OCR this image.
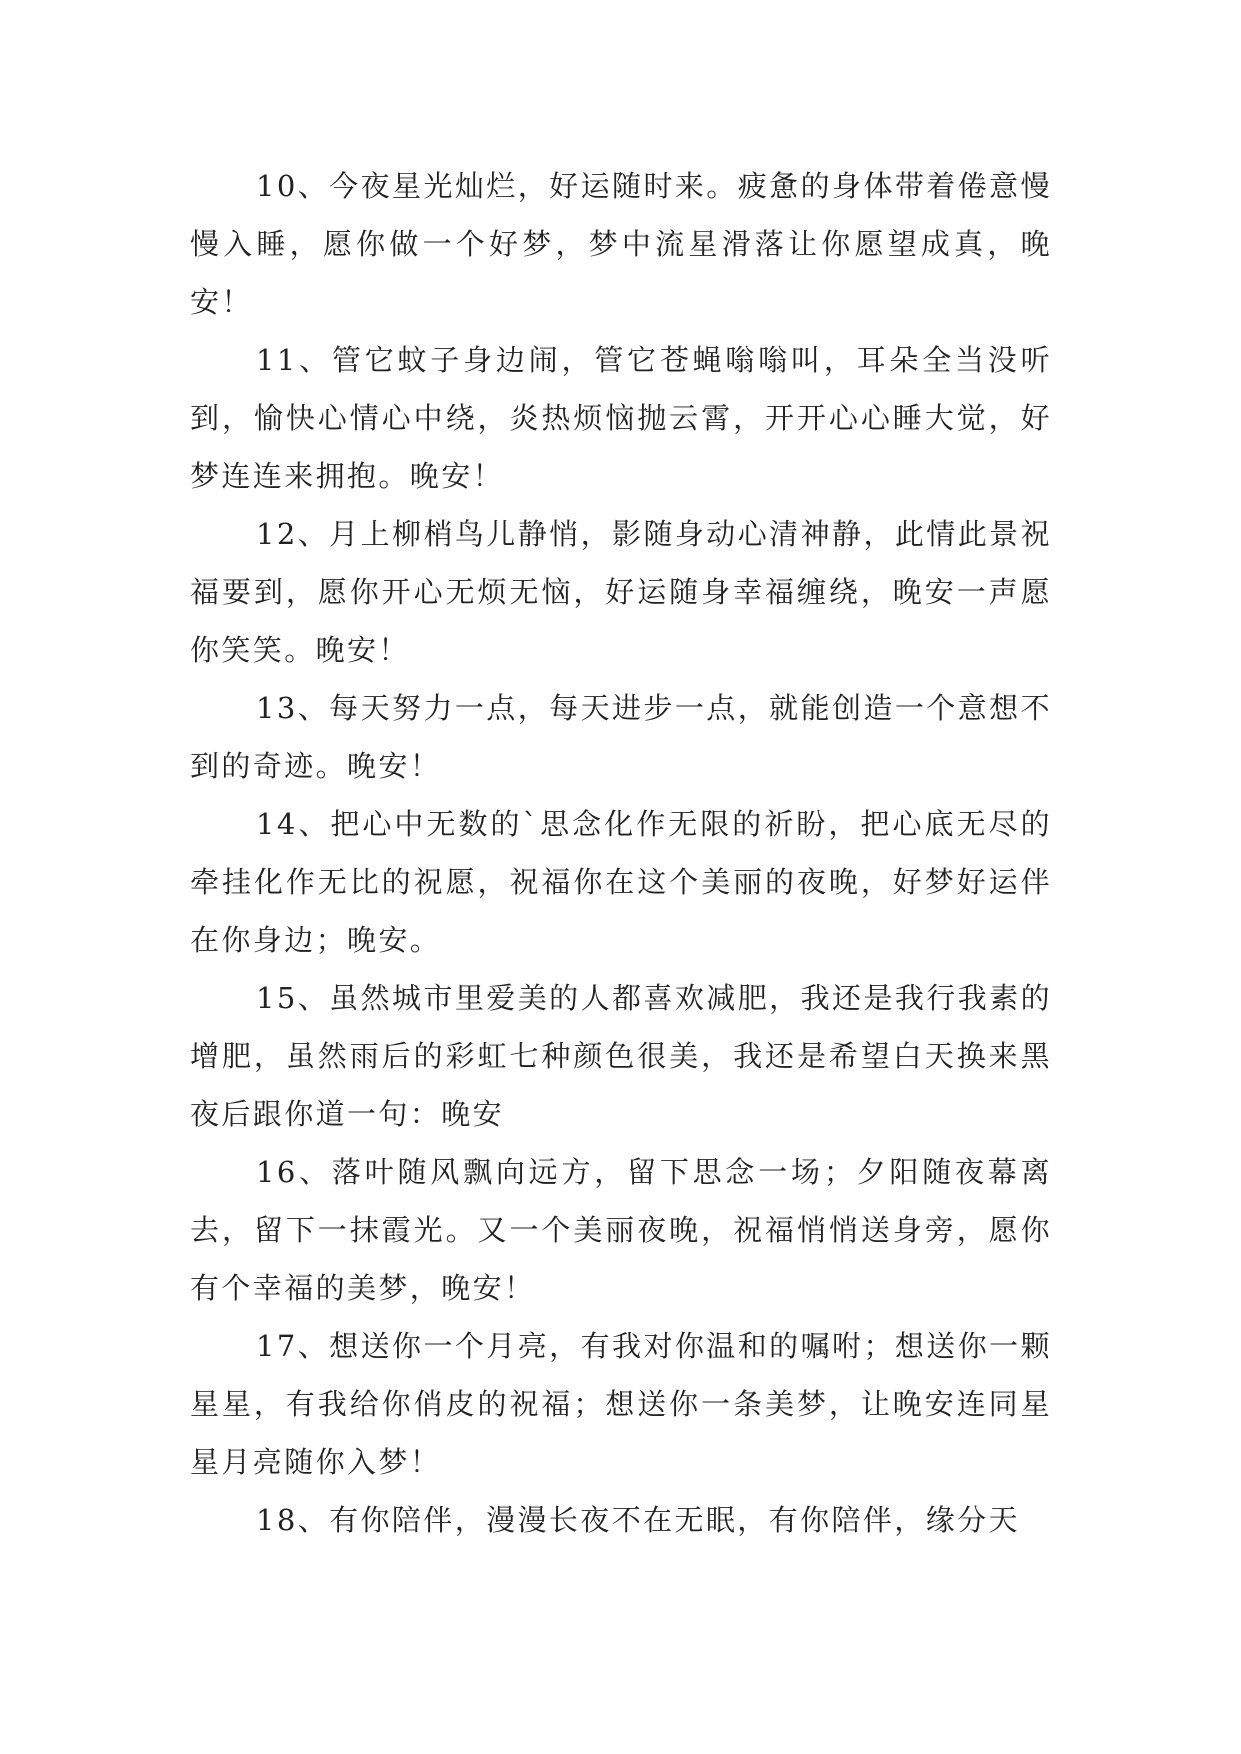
10、今夜星光灿烂，好运随时来。疲惫的身体带着倦意慢慢入睡，愿你做一个好梦，梦中流星滑落让你愿望成真，晚安！

11、管它蚊子身边闹，管它苍蝇嗡嗡叫，耳朵全当没听到，愉快心情心中绕，炎热烦恼抛云霄，开开心心睡大觉，好梦连连来拥抱。晚安！

12、月上柳梢鸟儿静悄，影随身动心清神静，此情此景祝福要到，愿你开心无烦无恼，好运随身幸福缠绕，晚安一声愿你笑笑。晚安！

13、每天努力一点，每天进步一点，就能创造一个意想不到的奇迹。晚安！

14、把心中无数的`思念化作无限的祈盼，把心底无尽的牵挂化作无比的祝愿，祝福你在这个美丽的夜晚，好梦好运伴在你身边；晚安。

15、虽然城市里爱美的人都喜欢减肥，我还是我行我素的增肥，虽然雨后的彩虹七种颜色很美，我还是希望白天换来黑夜后跟你道一句：晚安

16、落叶随风飘向远方，留下思念一场；夕阳随夜幕离去，留下一抹霞光。又一个美丽夜晚，祝福悄悄送身旁，愿你有个幸福的美梦，晚安！

17、想送你一个月亮，有我对你温和的嘱咐；想送你一颗星星，有我给你俏皮的祝福；想送你一条美梦，让晚安连同星星月亮随你入梦！

18、有你陪伴，漫漫长夜不在无眠，有你陪伴，缘分天
